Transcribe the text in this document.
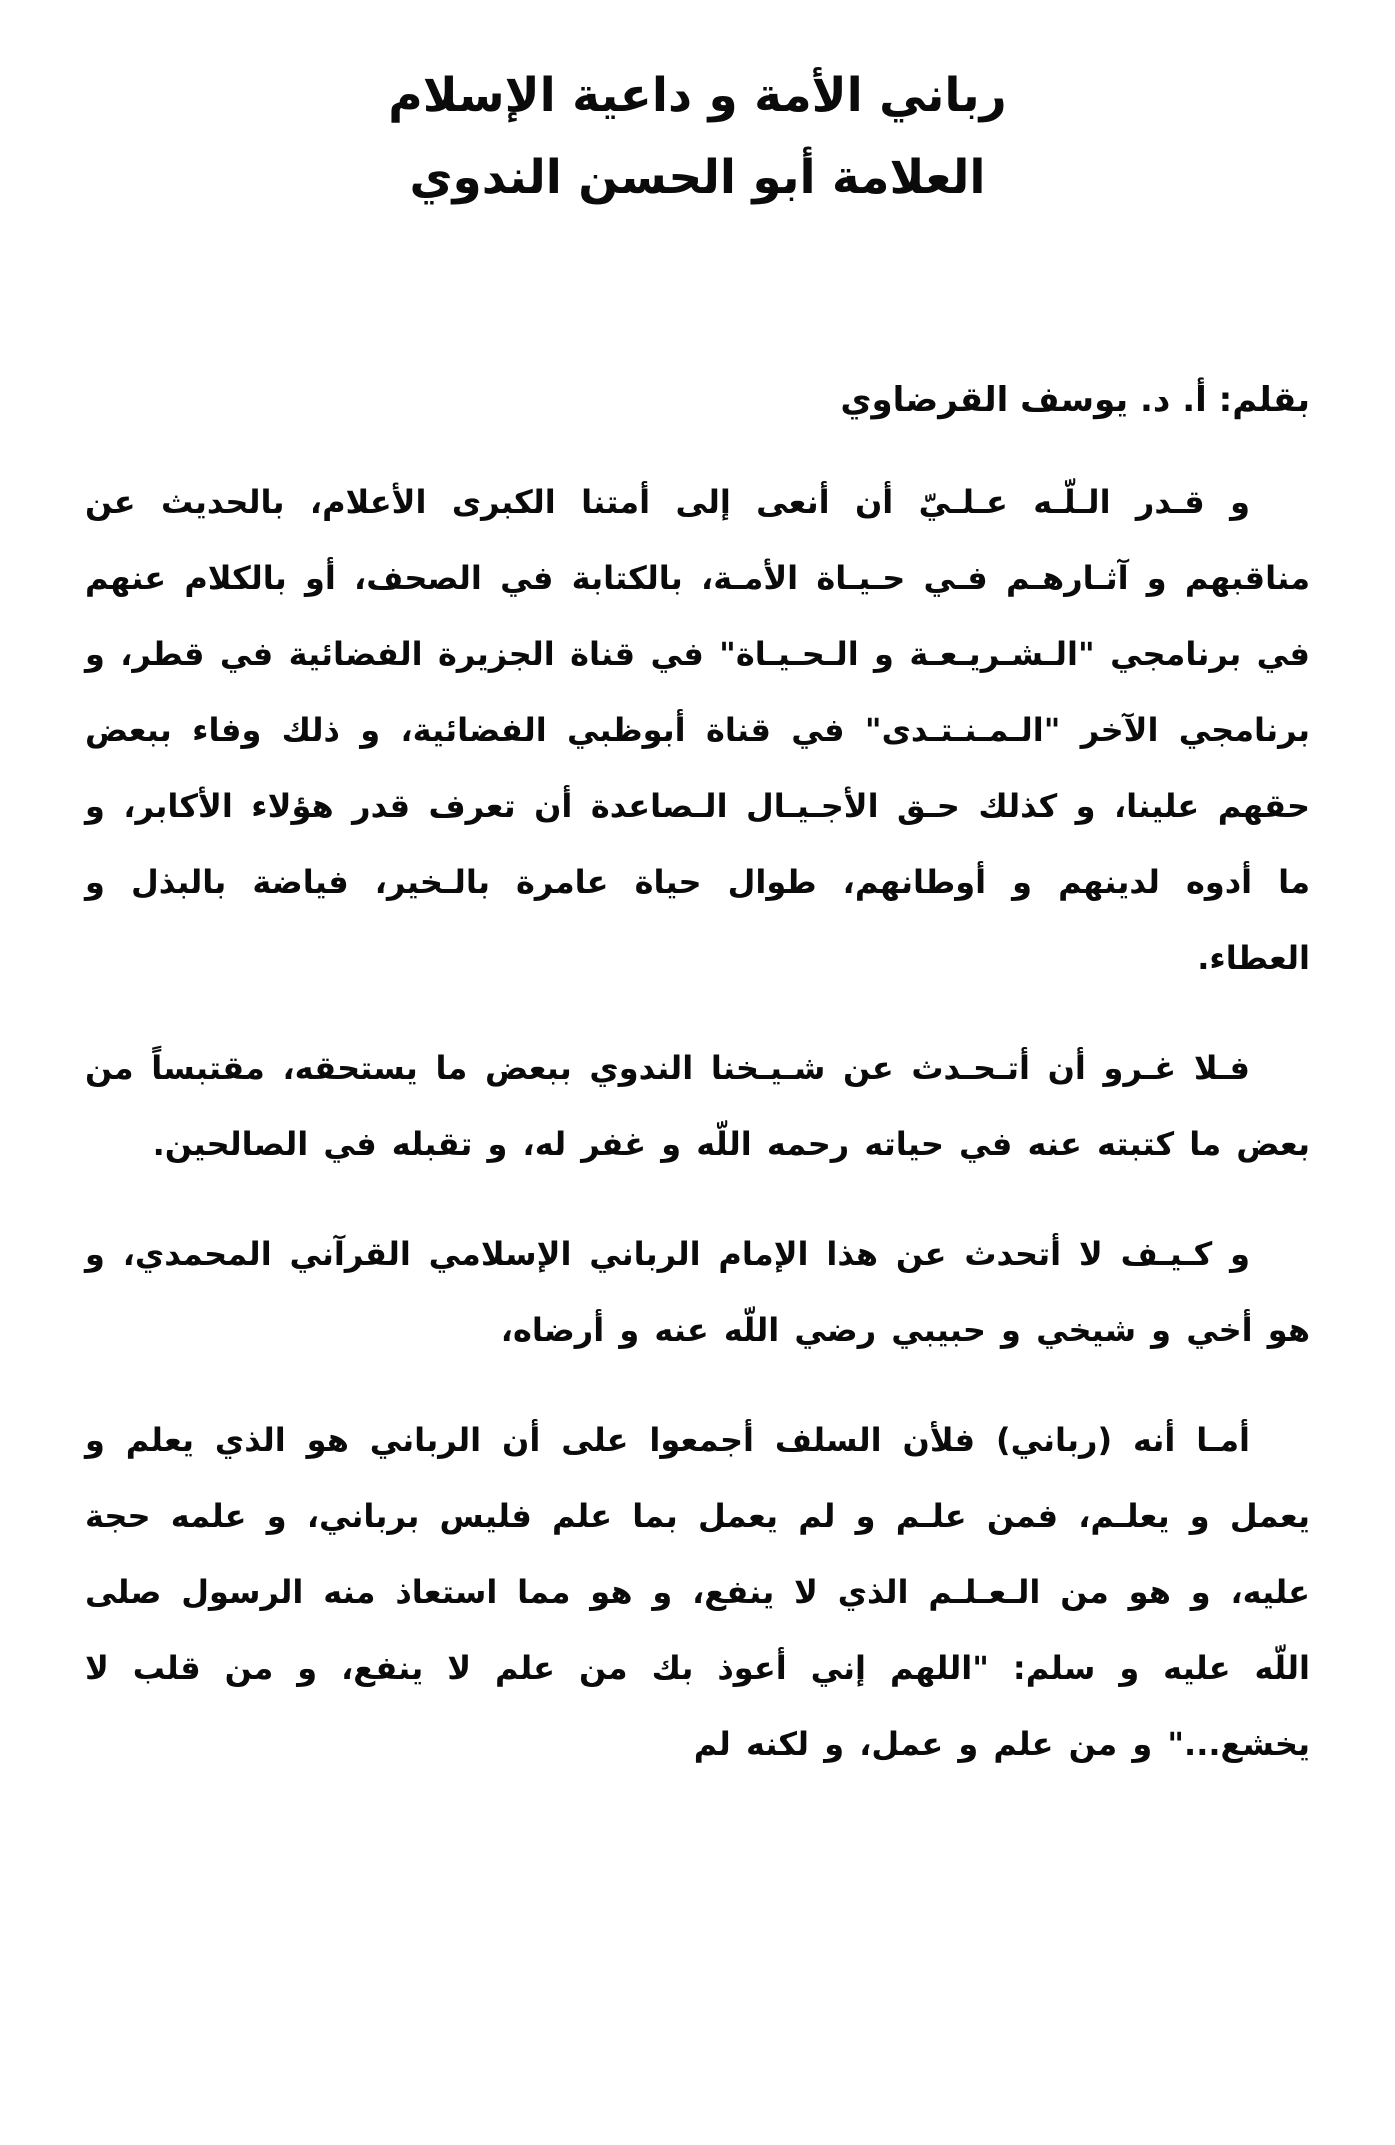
رباني الأمة و داعية الإسلام
العلامة أبو الحسن الندوي

بقلم: أ. د. يوسف القرضاوي

و قـدر الـلّـه عـلـيّ أن أنعى إلى أمتنا الكبرى الأعلام، بالحديث عن مناقبهم و آثـارهـم فـي حـيـاة الأمـة، بالكتابة في الصحف، أو بالكلام عنهم في برنامجي "الـشـريـعـة و الـحـيـاة" في قناة الجزيرة الفضائية في قطر، و برنامجي الآخر "الـمـنـتـدى" في قناة أبوظبي الفضائية، و ذلك وفاء ببعض حقهم علينا، و كذلك حـق الأجـيـال الـصاعدة أن تعرف قدر هؤلاء الأكابر، و ما أدوه لدينهم و أوطانهم، طوال حياة عامرة بالـخير، فياضة بالبذل و العطاء.

فـلا غـرو أن أتـحـدث عن شـيـخنا الندوي ببعض ما يستحقه، مقتبساً من بعض ما كتبته عنه في حياته رحمه اللّه و غفر له، و تقبله في الصالحين.

و كـيـف لا أتحدث عن هذا الإمام الرباني الإسلامي القرآني المحمدي، و هو أخي و شيخي و حبيبي رضي اللّه عنه و أرضاه،

أمـا أنه (رباني) فلأن السلف أجمعوا على أن الرباني هو الذي يعلم و يعمل و يعلـم، فمن علـم و لم يعمل بما علم فليس برباني، و علمه حجة عليه، و هو من الـعـلـم الذي لا ينفع، و هو مما استعاذ منه الرسول صلى اللّه عليه و سلم: "اللهم إني أعوذ بك من علم لا ينفع، و من قلب لا يخشع..." و من علم و عمل، و لكنه لم
